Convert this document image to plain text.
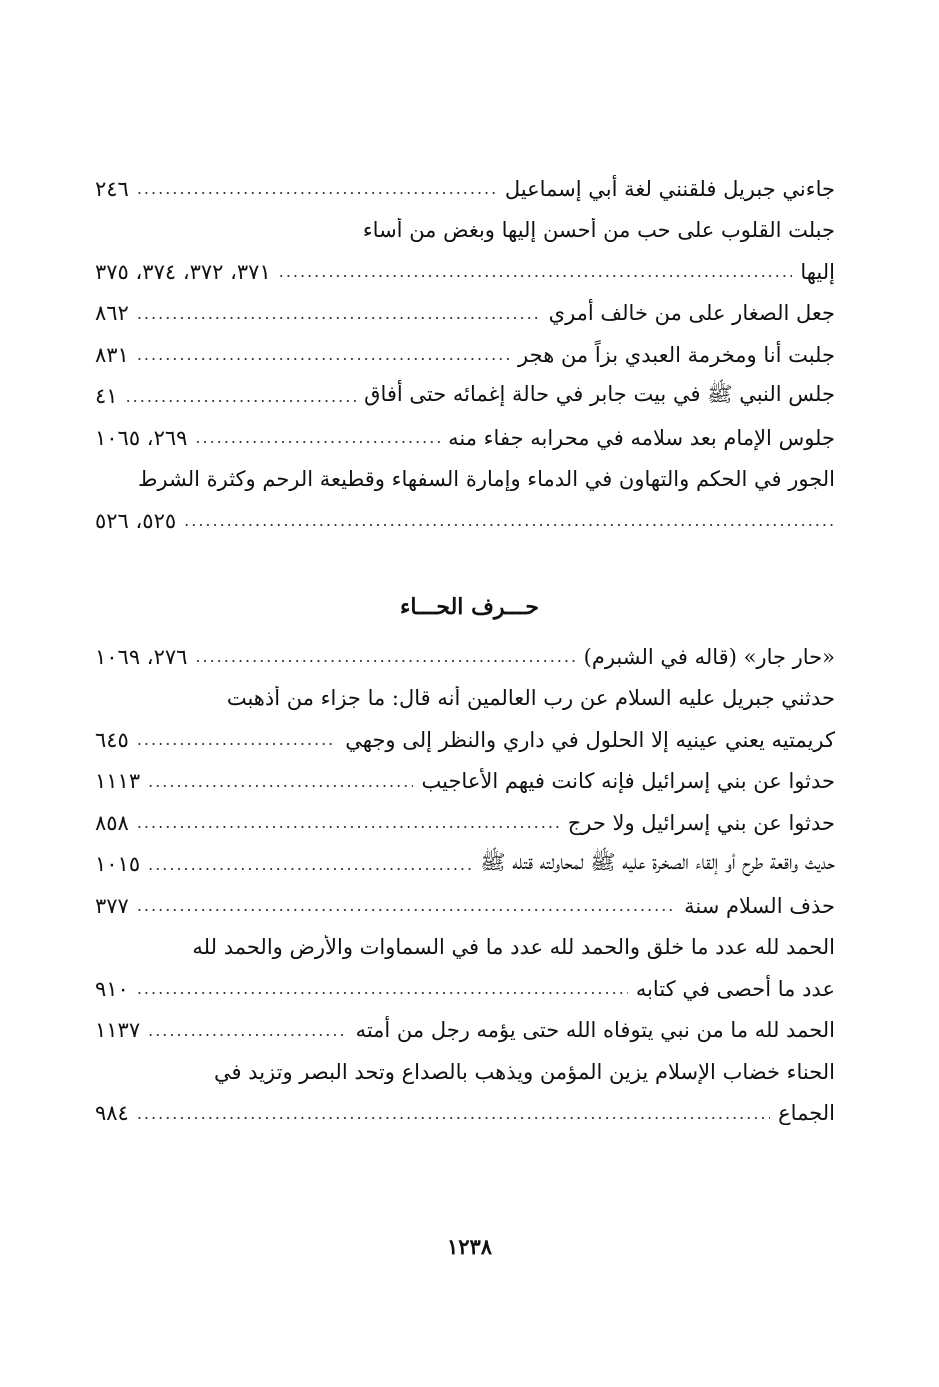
جاءني جبريل فلقنني لغة أبي إسماعيل
.....
٢٤٦
جبلت القلوب على حب من أحسن إليها وبغض من أساء
إليها
.....
٣٧١، ٣٧٢، ٣٧٤، ٣٧٥
جعل الصغار على من خالف أمري
.....
٨٦٢
جلبت أنا ومخرمة العبدي بزاً من هجر
.....
٨٣١
جلس النبي ﷺ في بيت جابر في حالة إغمائه حتى أفاق
.....
٤١
جلوس الإمام بعد سلامه في محرابه جفاء منه
.....
٢٦٩، ١٠٦٥
الجور في الحكم والتهاون في الدماء وإمارة السفهاء وقطيعة الرحم وكثرة الشرط
.....
٥٢٥، ٥٢٦
حـــرف الحـــاء
«حار جار» (قاله في الشبرم)
.....
٢٧٦، ١٠٦٩
حدثني جبريل عليه السلام عن رب العالمين أنه قال: ما جزاء من أذهبت
كريمتيه يعني عينيه إلا الحلول في داري والنظر إلى وجهي
.....
٦٤٥
حدثوا عن بني إسرائيل فإنه كانت فيهم الأعاجيب
.....
١١١٣
حدثوا عن بني إسرائيل ولا حرج
.....
٨٥٨
حديث واقعة طرح أو إلقاء الصخرة عليه ﷺ لمحاولته قتله ﷺ
.....
١٠١٥
حذف السلام سنة
.....
٣٧٧
الحمد لله عدد ما خلق والحمد لله عدد ما في السماوات والأرض والحمد لله
عدد ما أحصى في كتابه
.....
٩١٠
الحمد لله ما من نبي يتوفاه الله حتى يؤمه رجل من أمته
.....
١١٣٧
الحناء خضاب الإسلام يزين المؤمن ويذهب بالصداع وتحد البصر وتزيد في
الجماع
.....
٩٨٤
١٢٣٨
